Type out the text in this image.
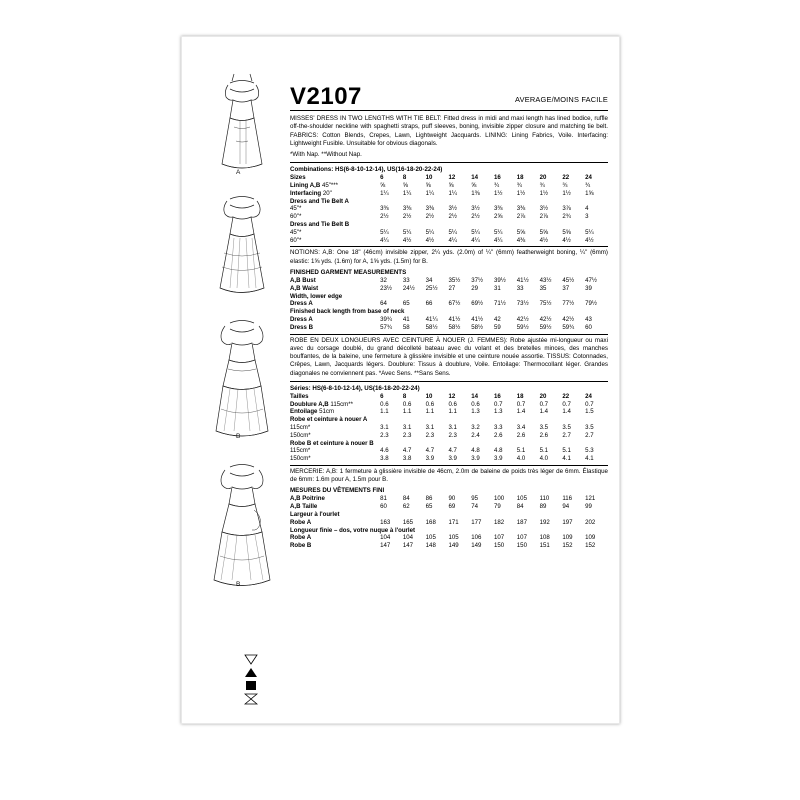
A
B
B
V2107	AVERAGE/MOINS FACILE

MISSES' DRESS IN TWO LENGTHS WITH TIE BELT: Fitted dress in midi and maxi length has lined bodice, ruffle off-the-shoulder neckline with spaghetti straps, puff sleeves, boning, invisible zipper closure and matching tie belt. FABRICS: Cotton Blends, Crepes, Lawn, Lightweight Jacquards. LINING: Lining Fabrics, Voile. Interfacing: Lightweight Fusible. Unsuitable for obvious diagonals.

*With Nap. **Without Nap.

Combinations: HS(6-8-10-12-14), US(16-18-20-22-24)
Sizes	6	8	10	12	14	16	18	20	22	24
Lining A,B 45"***	⅝	⅝	⅝	⅝	⅝	¾	¾	¾	¾	¾
Interfacing 20"	1¼	1¼	1¼	1¼	1⅜	1½	1½	1½	1½	1⅝
Dress and Tie Belt A										
45"*	3⅜	3⅜	3⅜	3½	3½	3⅜	3⅜	3½	3⅞	4
60"*	2½	2½	2½	2½	2½	2⅝	2⅞	2⅞	2¾	3
Dress and Tie Belt B										
45"*	5¼	5¼	5¼	5¼	5¼	5¼	5⅝	5⅝	5⅝	5¼
60"*	4¼	4½	4½	4¼	4¼	4¼	4⅜	4½	4½	4½

NOTIONS: A,B: One 18" (46cm) invisible zipper, 2¼ yds. (2.0m) of ¼" (6mm) featherweight boning, ¼" (6mm) elastic: 1⅝ yds. (1.6m) for A, 1⅝ yds. (1.5m) for B.

FINISHED GARMENT MEASUREMENTS
A,B Bust	32	33	34	35½	37½	39½	41½	43½	45½	47½
A,B Waist	23½	24½	25½	27	29	31	33	35	37	39
Width, lower edge										
Dress A	64	65	66	67½	69½	71½	73½	75½	77½	79½
Finished back length from base of neck										
Dress A	39¾	41	41¼	41½	41½	42	42½	42½	42½	43
Dress B	57¾	58	58½	58½	58½	59	59½	59½	59¾	60

ROBE EN DEUX LONGUEURS AVEC CEINTURE À NOUER (J. FEMMES): Robe ajustée mi-longueur ou maxi avec du corsage doublé, du grand décolleté bateau avec du volant et des bretelles minces, des manches bouffantes, de la baleine, une fermeture à glissière invisible et une ceinture nouée assortie. TISSUS: Cotonnades, Crêpes, Lawn, Jacquards légers. Doublure: Tissus à doublure, Voile. Entoilage: Thermocollant léger. Grandes diagonales ne conviennent pas. *Avec Sens. **Sans Sens.

Séries: HS(6-8-10-12-14), US(16-18-20-22-24)
Tailles	6	8	10	12	14	16	18	20	22	24
Doublure A,B 115cm**	0.6	0.6	0.6	0.6	0.6	0.7	0.7	0.7	0.7	0.7
Entoilage 51cm	1.1	1.1	1.1	1.1	1.3	1.3	1.4	1.4	1.4	1.5
Robe et ceinture à nouer A										
115cm*	3.1	3.1	3.1	3.1	3.2	3.3	3.4	3.5	3.5	3.5
150cm*	2.3	2.3	2.3	2.3	2.4	2.6	2.6	2.6	2.7	2.7
Robe B et ceinture à nouer B										
115cm*	4.6	4.7	4.7	4.7	4.8	4.8	5.1	5.1	5.1	5.3
150cm*	3.8	3.8	3.9	3.9	3.9	3.9	4.0	4.0	4.1	4.1

MERCERIE: A,B: 1 fermeture à glissière invisible de 46cm, 2.0m de baleine de poids très léger de 6mm. Élastique de 6mm: 1.6m pour A, 1.5m pour B.

MESURES DU VÊTEMENTS FINI
A,B Poitrine	81	84	86	90	95	100	105	110	116	121
A,B Taille	60	62	65	69	74	79	84	89	94	99
Largeur à l'ourlet										
Robe A	163	165	168	171	177	182	187	192	197	202
Longueur finie – dos, votre nuque à l'ourlet										
Robe A	104	104	105	105	106	107	107	108	109	109
Robe B	147	147	148	149	149	150	150	151	152	152
